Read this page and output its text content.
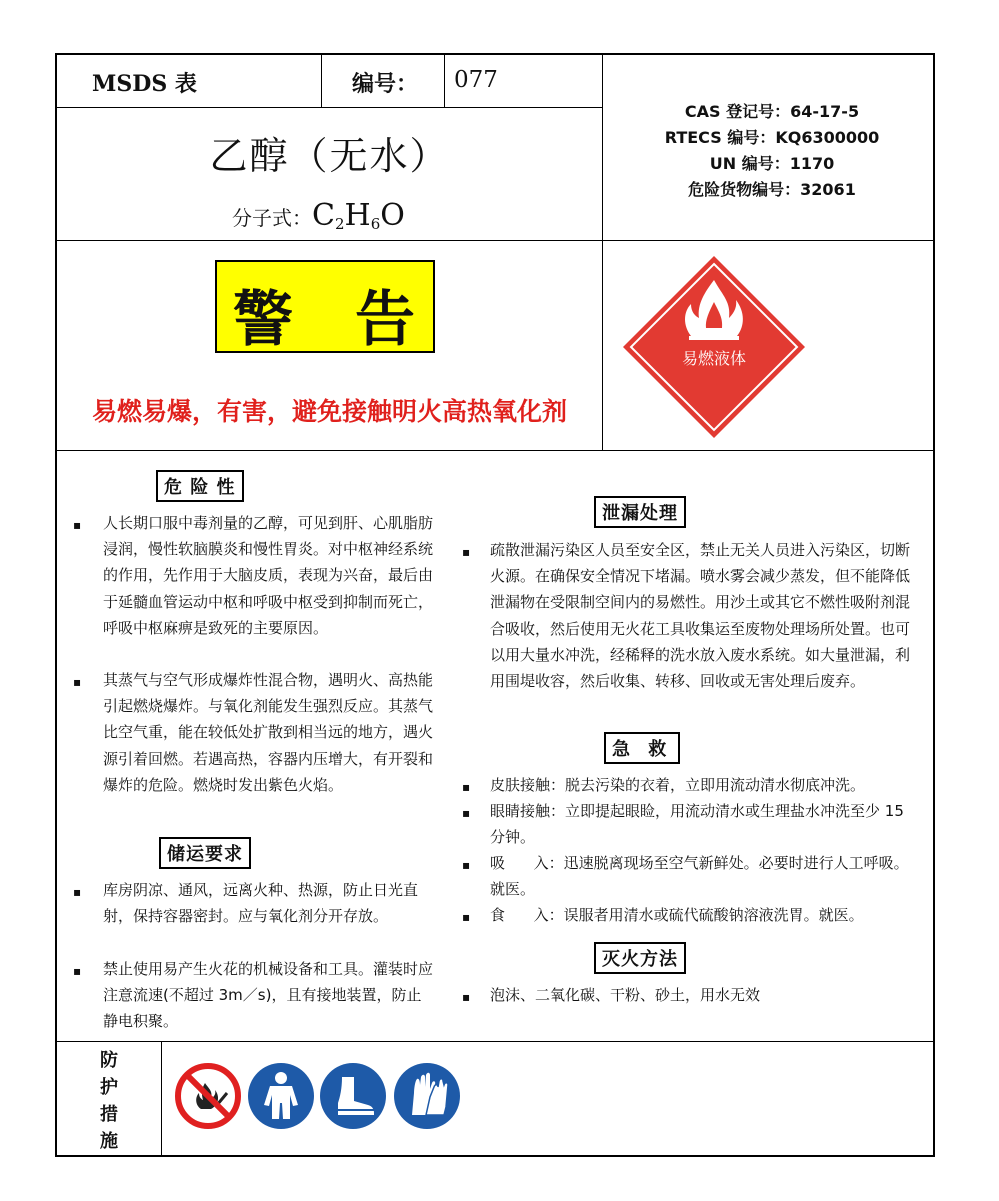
MSDS 表	编号： 077
乙醇（无水）
分子式：$C_2H_6O$
CAS 登记号：64-17-5
RTECS 编号：KQ6300000
UN 编号：1170
危险货物编号：32061
警 告
易燃易爆，有害，避免接触明火高热氧化剂
易燃液体
危 险 性
▪	人长期口服中毒剂量的乙醇，可见到肝、心肌脂肪浸润，慢性软脑膜炎和慢性胃炎。对中枢神经系统的作用，先作用于大脑皮质，表现为兴奋，最后由于延髓血管运动中枢和呼吸中枢受到抑制而死亡，呼吸中枢麻痹是致死的主要原因。
▪	其蒸气与空气形成爆炸性混合物，遇明火、高热能引起燃烧爆炸。与氧化剂能发生强烈反应。其蒸气比空气重，能在较低处扩散到相当远的地方，遇火源引着回燃。若遇高热，容器内压增大，有开裂和爆炸的危险。燃烧时发出紫色火焰。
储运要求
▪	库房阴凉、通风，远离火种、热源，防止日光直射，保持容器密封。应与氧化剂分开存放。
▪	禁止使用易产生火花的机械设备和工具。灌装时应注意流速(不超过 3m／s)，且有接地装置，防止静电积聚。
泄漏处理
▪	疏散泄漏污染区人员至安全区，禁止无关人员进入污染区，切断火源。在确保安全情况下堵漏。喷水雾会减少蒸发，但不能降低泄漏物在受限制空间内的易燃性。用沙土或其它不燃性吸附剂混合吸收，然后使用无火花工具收集运至废物处理场所处置。也可以用大量水冲洗，经稀释的洗水放入废水系统。如大量泄漏，利用围堤收容，然后收集、转移、回收或无害处理后废弃。
急 救
▪	皮肤接触：脱去污染的衣着，立即用流动清水彻底冲洗。
▪	眼睛接触：立即提起眼睑，用流动清水或生理盐水冲洗至少 15 分钟。
▪	吸      入：迅速脱离现场至空气新鲜处。必要时进行人工呼吸。就医。
▪	食      入：误服者用清水或硫代硫酸钠溶液洗胃。就医。
灭火方法
▪	泡沫、二氧化碳、干粉、砂土，用水无效
防
护
措
施
